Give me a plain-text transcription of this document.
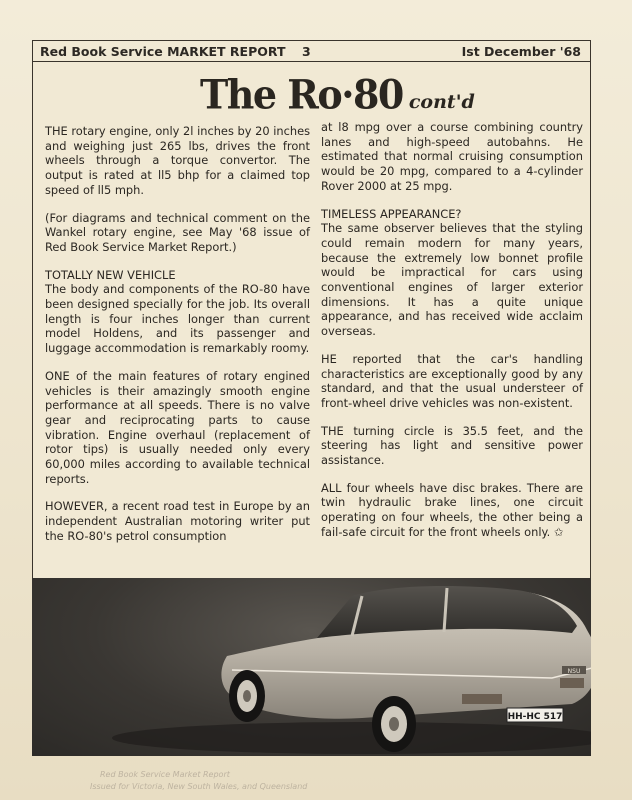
Red Book Service MARKET REPORT 3	Ist December '68
The Ro·80 cont'd

THE rotary engine, only 2l inches by 20 inches and weighing just 265 lbs, drives the front wheels through a torque convertor. The output is rated at ll5 bhp for a claimed top speed of ll5 mph.

(For diagrams and technical comment on the Wankel rotary engine, see May '68 issue of Red Book Service Market Report.)

TOTALLY NEW VEHICLE

The body and components of the RO-80 have been designed specially for the job. Its overall length is four inches longer than current model Holdens, and its passenger and luggage accommodation is remarkably roomy.

ONE of the main features of rotary engined vehicles is their amazingly smooth engine performance at all speeds. There is no valve gear and reciprocating parts to cause vibration. Engine overhaul (replacement of rotor tips) is usually needed only every 60,000 miles according to available technical reports.

HOWEVER, a recent road test in Europe by an independent Australian motoring writer put the RO-80's petrol consumption

at l8 mpg over a course combining country lanes and high-speed autobahns. He estimated that normal cruising consumption would be 20 mpg, compared to a 4-cylinder Rover 2000 at 25 mpg.

TIMELESS APPEARANCE?

The same observer believes that the styling could remain modern for many years, because the extremely low bonnet profile would be impractical for cars using conventional engines of larger exterior dimensions. It has a quite unique appearance, and has received wide acclaim overseas.

HE reported that the car's handling characteristics are exceptionally good by any standard, and that the usual understeer of front-wheel drive vehicles was non-existent.

THE turning circle is 35.5 feet, and the steering has light and sensitive power assistance.

ALL four wheels have disc brakes. There are twin hydraulic brake lines, one circuit operating on four wheels, the other being a fail-safe circuit for the front wheels only. ✩

NSU
HH-HC 517
Red Book Service Market Report
Issued for Victoria, New South Wales, and Queensland
